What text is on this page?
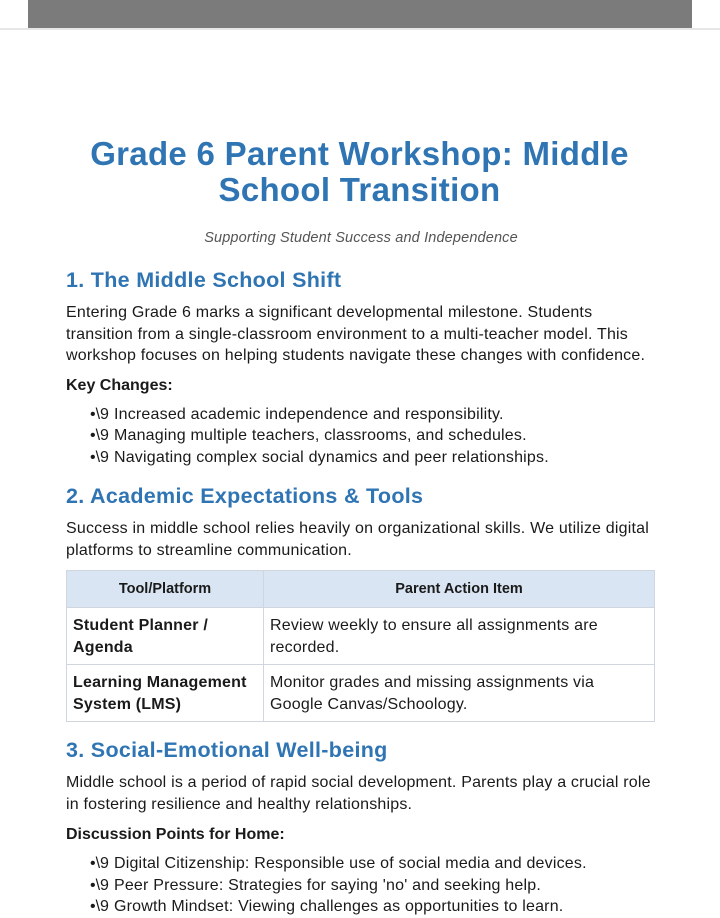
Grade 6 Parent Workshop: Middle School Transition
Supporting Student Success and Independence
1. The Middle School Shift

Entering Grade 6 marks a significant developmental milestone. Students transition from a single-classroom environment to a multi-teacher model. This workshop focuses on helping students navigate these changes with confidence.

Key Changes:
•\9 Increased academic independence and responsibility.
•\9 Managing multiple teachers, classrooms, and schedules.
•\9 Navigating complex social dynamics and peer relationships.
2. Academic Expectations & Tools

Success in middle school relies heavily on organizational skills. We utilize digital platforms to streamline communication.

Tool/Platform	Parent Action Item
Student Planner / Agenda	Review weekly to ensure all assignments are recorded.
Learning Management System (LMS)	Monitor grades and missing assignments via Google Canvas/Schoology.
3. Social-Emotional Well-being

Middle school is a period of rapid social development. Parents play a crucial role in fostering resilience and healthy relationships.

Discussion Points for Home:
•\9 Digital Citizenship: Responsible use of social media and devices.
•\9 Peer Pressure: Strategies for saying 'no' and seeking help.
•\9 Growth Mindset: Viewing challenges as opportunities to learn.
